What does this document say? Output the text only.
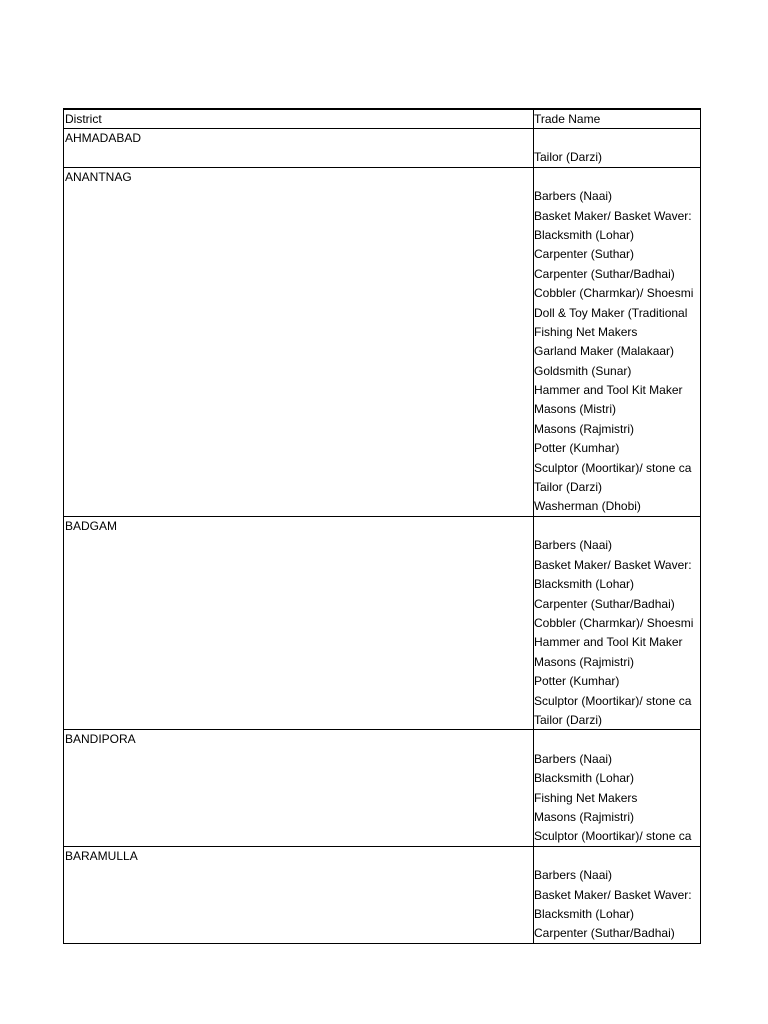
District	Trade Name
AHMADABAD
Tailor (Darzi)
ANANTNAG
Barbers (Naai)
Basket Maker/ Basket Waver:
Blacksmith (Lohar)
Carpenter (Suthar)
Carpenter (Suthar/Badhai)
Cobbler (Charmkar)/ Shoesmi
Doll & Toy Maker (Traditional
Fishing Net Makers
Garland Maker (Malakaar)
Goldsmith (Sunar)
Hammer and Tool Kit Maker
Masons (Mistri)
Masons (Rajmistri)
Potter (Kumhar)
Sculptor (Moortikar)/ stone ca
Tailor (Darzi)
Washerman (Dhobi)
BADGAM
Barbers (Naai)
Basket Maker/ Basket Waver:
Blacksmith (Lohar)
Carpenter (Suthar/Badhai)
Cobbler (Charmkar)/ Shoesmi
Hammer and Tool Kit Maker
Masons (Rajmistri)
Potter (Kumhar)
Sculptor (Moortikar)/ stone ca
Tailor (Darzi)
BANDIPORA
Barbers (Naai)
Blacksmith (Lohar)
Fishing Net Makers
Masons (Rajmistri)
Sculptor (Moortikar)/ stone ca
BARAMULLA
Barbers (Naai)
Basket Maker/ Basket Waver:
Blacksmith (Lohar)
Carpenter (Suthar/Badhai)
